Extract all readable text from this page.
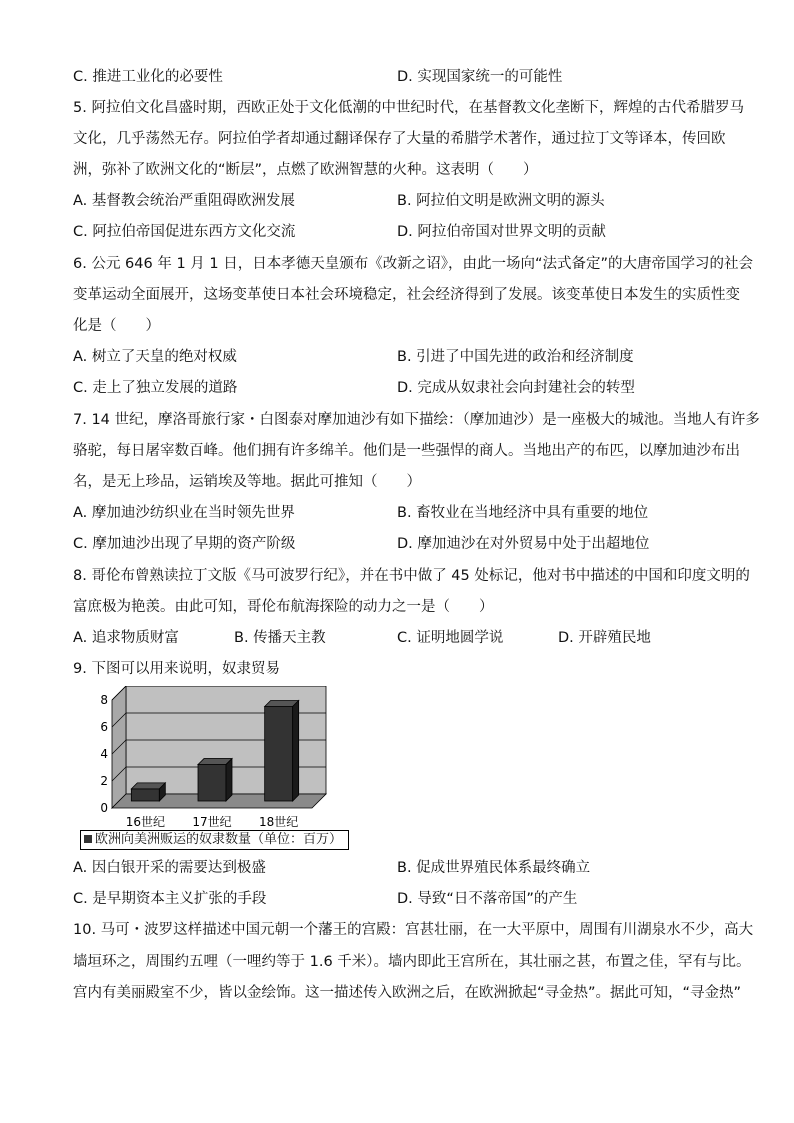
C. 推进工业化的必要性	D. 实现国家统一的可能性
5. 阿拉伯文化昌盛时期，西欧正处于文化低潮的中世纪时代，在基督教文化垄断下，辉煌的古代希腊罗马
文化，几乎荡然无存。阿拉伯学者却通过翻译保存了大量的希腊学术著作，通过拉丁文等译本，传回欧
洲，弥补了欧洲文化的“断层”，点燃了欧洲智慧的火种。这表明（　　）
A. 基督教会统治严重阻碍欧洲发展	B. 阿拉伯文明是欧洲文明的源头
C. 阿拉伯帝国促进东西方文化交流	D. 阿拉伯帝国对世界文明的贡献
6. 公元 646 年 1 月 1 日，日本孝德天皇颁布《改新之诏》，由此一场向“法式备定”的大唐帝国学习的社会
变革运动全面展开，这场变革使日本社会环境稳定，社会经济得到了发展。该变革使日本发生的实质性变
化是（　　）
A. 树立了天皇的绝对权威	B. 引进了中国先进的政治和经济制度
C. 走上了独立发展的道路	D. 完成从奴隶社会向封建社会的转型
7. 14 世纪，摩洛哥旅行家・白图泰对摩加迪沙有如下描绘：（摩加迪沙）是一座极大的城池。当地人有许多
骆驼，每日屠宰数百峰。他们拥有许多绵羊。他们是一些强悍的商人。当地出产的布匹，以摩加迪沙布出
名，是无上珍品，运销埃及等地。据此可推知（　　）
A. 摩加迪沙纺织业在当时领先世界	B. 畜牧业在当地经济中具有重要的地位
C. 摩加迪沙出现了早期的资产阶级	D. 摩加迪沙在对外贸易中处于出超地位
8. 哥伦布曾熟读拉丁文版《马可波罗行纪》，并在书中做了 45 处标记，他对书中描述的中国和印度文明的
富庶极为艳羡。由此可知，哥伦布航海探险的动力之一是（　　）
A. 追求物质财富	B. 传播天主教	C. 证明地圆学说	D. 开辟殖民地
9. 下图可以用来说明，奴隶贸易
0
2
4
6
8
16世纪 17世纪 18世纪
欧洲向美洲贩运的奴隶数量（单位：百万）
A. 因白银开采的需要达到极盛	B. 促成世界殖民体系最终确立
C. 是早期资本主义扩张的手段	D. 导致“日不落帝国”的产生
10. 马可・波罗这样描述中国元朝一个藩王的宫殿：宫甚壮丽，在一大平原中，周围有川湖泉水不少，高大
墙垣环之，周围约五哩（一哩约等于 1.6 千米）。墙内即此王宫所在，其壮丽之甚，布置之佳，罕有与比。
宫内有美丽殿室不少，皆以金绘饰。这一描述传入欧洲之后，在欧洲掀起“寻金热”。据此可知，“寻金热”
